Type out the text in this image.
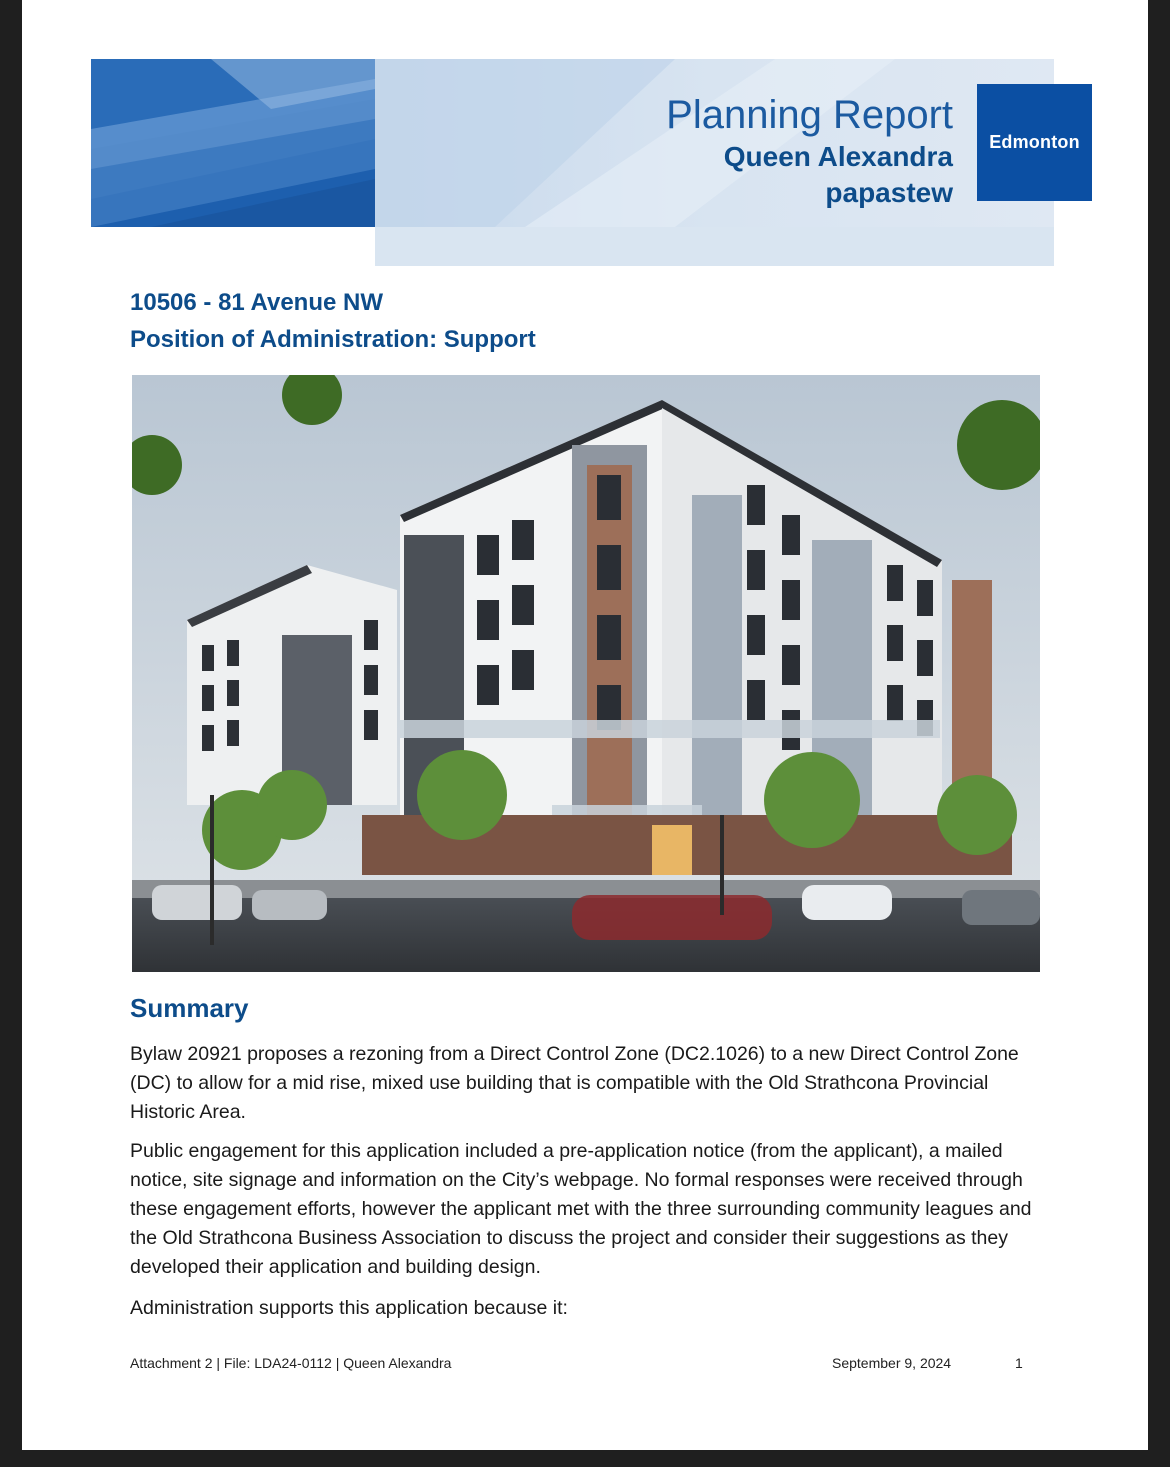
Planning Report
Queen Alexandra
papastew
Edmonton
10506 - 81 Avenue NW
Position of Administration: Support
Summary

Bylaw 20921 proposes a rezoning from a Direct Control Zone (DC2.1026) to a new Direct Control Zone (DC) to allow for a mid rise, mixed use building that is compatible with the Old Strathcona Provincial Historic Area.

Public engagement for this application included a pre-application notice (from the applicant), a mailed notice, site signage and information on the City’s webpage. No formal responses were received through these engagement efforts, however the applicant met with the three surrounding community leagues and the Old Strathcona Business Association to discuss the project and consider their suggestions as they developed their application and building design.

Administration supports this application because it:

Attachment 2 | File: LDA24-0112 | Queen Alexandra	September 9, 2024	1
